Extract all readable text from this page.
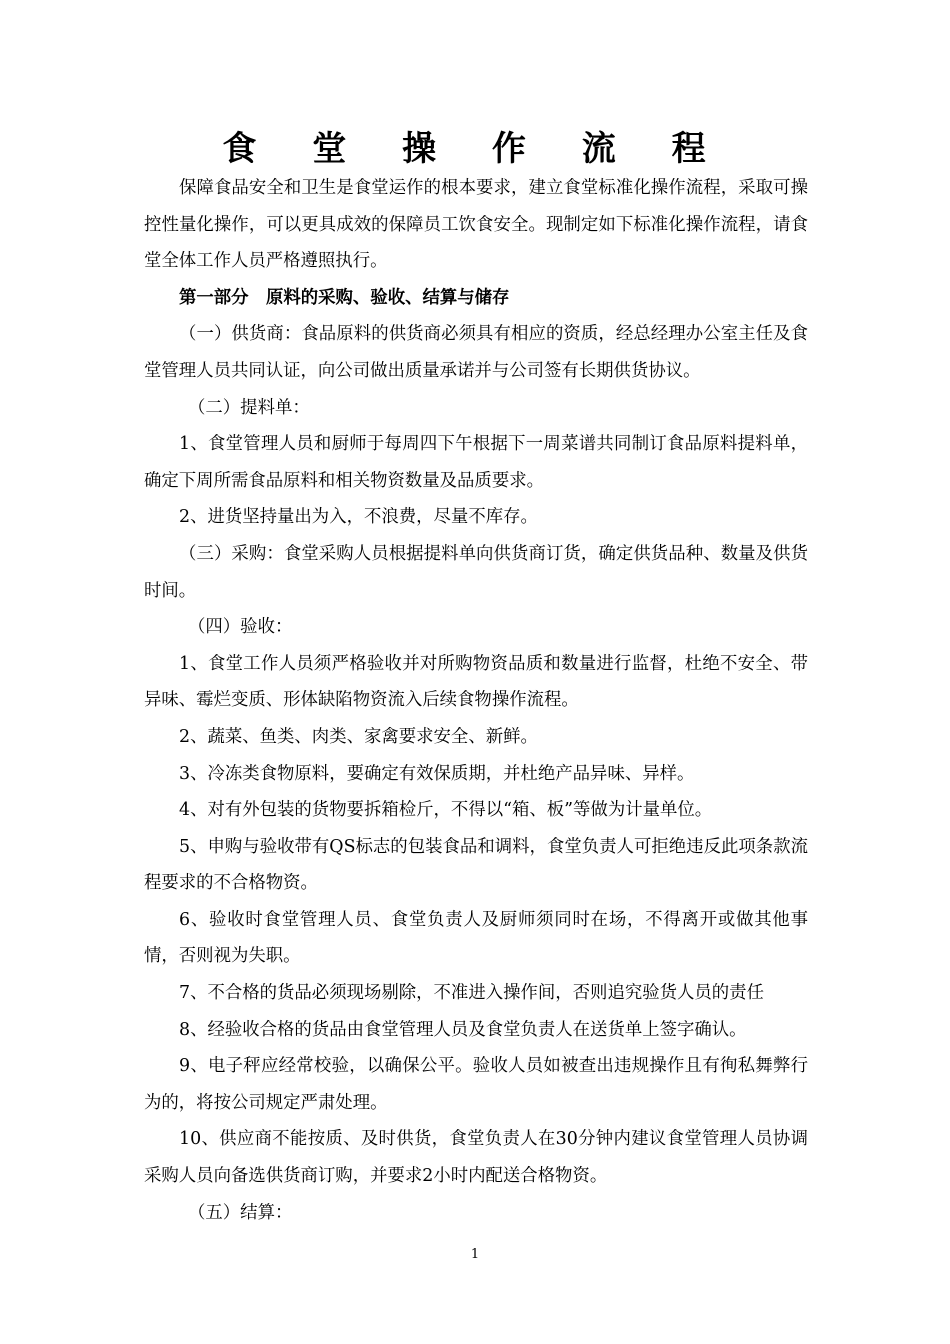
食 堂 操 作 流 程

保障食品安全和卫生是食堂运作的根本要求，建立食堂标准化操作流程，采取可操控性量化操作，可以更具成效的保障员工饮食安全。现制定如下标准化操作流程，请食堂全体工作人员严格遵照执行。

第一部分　原料的采购、验收、结算与储存

（一）供货商：食品原料的供货商必须具有相应的资质，经总经理办公室主任及食堂管理人员共同认证，向公司做出质量承诺并与公司签有长期供货协议。

（二）提料单：

1、食堂管理人员和厨师于每周四下午根据下一周菜谱共同制订食品原料提料单，确定下周所需食品原料和相关物资数量及品质要求。

2、进货坚持量出为入，不浪费，尽量不库存。

（三）采购：食堂采购人员根据提料单向供货商订货，确定供货品种、数量及供货时间。

（四）验收：

1、食堂工作人员须严格验收并对所购物资品质和数量进行监督，杜绝不安全、带异味、霉烂变质、形体缺陷物资流入后续食物操作流程。

2、蔬菜、鱼类、肉类、家禽要求安全、新鲜。

3、冷冻类食物原料，要确定有效保质期，并杜绝产品异味、异样。

4、对有外包装的货物要拆箱检斤，不得以“箱、板”等做为计量单位。

5、申购与验收带有QS标志的包装食品和调料，食堂负责人可拒绝违反此项条款流程要求的不合格物资。

6、验收时食堂管理人员、食堂负责人及厨师须同时在场，不得离开或做其他事情，否则视为失职。

7、不合格的货品必须现场剔除，不准进入操作间，否则追究验货人员的责任

8、经验收合格的货品由食堂管理人员及食堂负责人在送货单上签字确认。

9、电子秤应经常校验，以确保公平。验收人员如被查出违规操作且有徇私舞弊行为的，将按公司规定严肃处理。

10、供应商不能按质、及时供货，食堂负责人在30分钟内建议食堂管理人员协调采购人员向备选供货商订购，并要求2小时内配送合格物资。

（五）结算：

1
